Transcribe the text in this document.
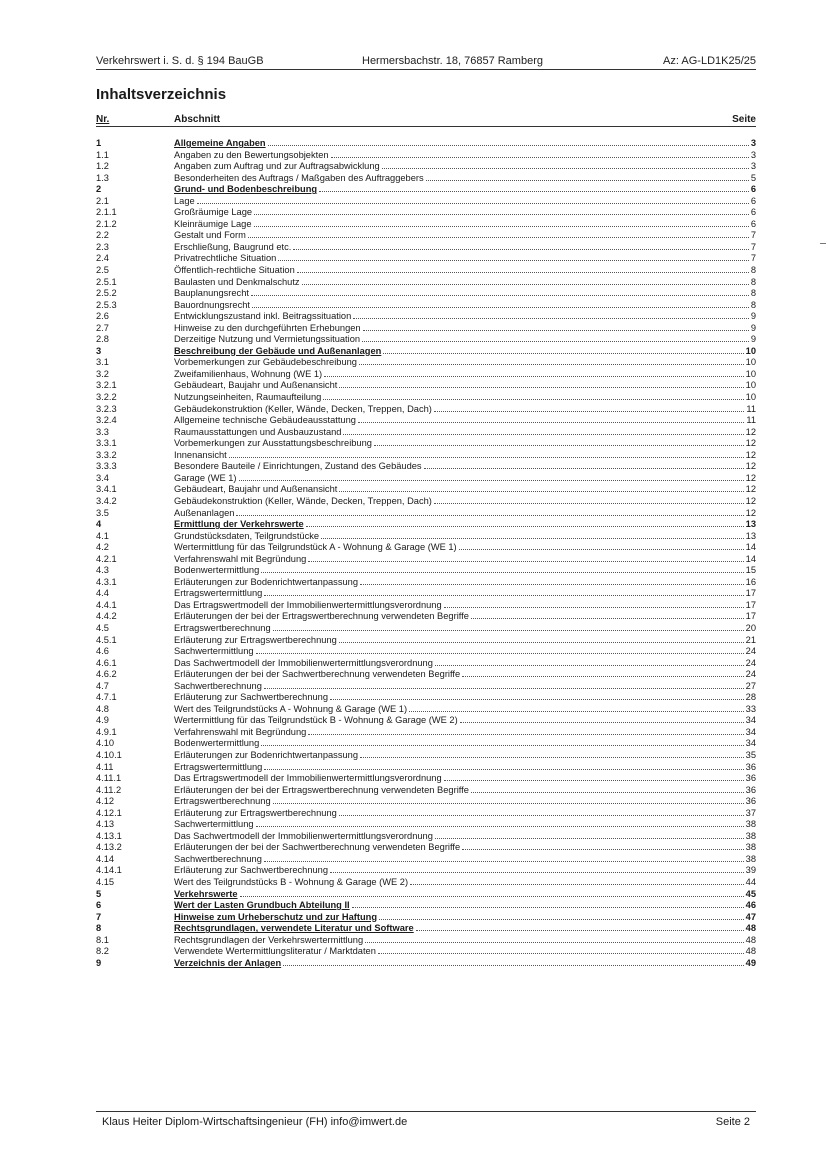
Verkehrswert i. S. d. § 194 BauGB	Hermersbachstr. 18, 76857 Ramberg	Az: AG-LD1K25/25
Inhaltsverzeichnis
Nr.	Abschnitt	Seite
1	Allgemeine Angaben	3
1.1	Angaben zu den Bewertungsobjekten	3
1.2	Angaben zum Auftrag und zur Auftragsabwicklung	3
1.3	Besonderheiten des Auftrags / Maßgaben des Auftraggebers	5
2	Grund- und Bodenbeschreibung	6
2.1	Lage	6
2.1.1	Großräumige Lage	6
2.1.2	Kleinräumige Lage	6
2.2	Gestalt und Form	7
2.3	Erschließung, Baugrund etc.	7
2.4	Privatrechtliche Situation	7
2.5	Öffentlich-rechtliche Situation	8
2.5.1	Baulasten und Denkmalschutz	8
2.5.2	Bauplanungsrecht	8
2.5.3	Bauordnungsrecht	8
2.6	Entwicklungszustand inkl. Beitragssituation	9
2.7	Hinweise zu den durchgeführten Erhebungen	9
2.8	Derzeitige Nutzung und Vermietungssituation	9
3	Beschreibung der Gebäude und Außenanlagen	10
3.1	Vorbemerkungen zur Gebäudebeschreibung	10
3.2	Zweifamilienhaus, Wohnung (WE 1)	10
3.2.1	Gebäudeart, Baujahr und Außenansicht	10
3.2.2	Nutzungseinheiten, Raumaufteilung	10
3.2.3	Gebäudekonstruktion (Keller, Wände, Decken, Treppen, Dach)	11
3.2.4	Allgemeine technische Gebäudeausstattung	11
3.3	Raumausstattungen und Ausbauzustand	12
3.3.1	Vorbemerkungen zur Ausstattungsbeschreibung	12
3.3.2	Innenansicht	12
3.3.3	Besondere Bauteile / Einrichtungen, Zustand des Gebäudes	12
3.4	Garage (WE 1)	12
3.4.1	Gebäudeart, Baujahr und Außenansicht	12
3.4.2	Gebäudekonstruktion (Keller, Wände, Decken, Treppen, Dach)	12
3.5	Außenanlagen	12
4	Ermittlung der Verkehrswerte	13
4.1	Grundstücksdaten, Teilgrundstücke	13
4.2	Wertermittlung für das Teilgrundstück A - Wohnung & Garage (WE 1)	14
4.2.1	Verfahrenswahl mit Begründung	14
4.3	Bodenwertermittlung	15
4.3.1	Erläuterungen zur Bodenrichtwertanpassung	16
4.4	Ertragswertermittlung	17
4.4.1	Das Ertragswertmodell der Immobilienwertermittlungsverordnung	17
4.4.2	Erläuterungen der bei der Ertragswertberechnung verwendeten Begriffe	17
4.5	Ertragswertberechnung	20
4.5.1	Erläuterung zur Ertragswertberechnung	21
4.6	Sachwertermittlung	24
4.6.1	Das Sachwertmodell der Immobilienwertermittlungsverordnung	24
4.6.2	Erläuterungen der bei der Sachwertberechnung verwendeten Begriffe	24
4.7	Sachwertberechnung	27
4.7.1	Erläuterung zur Sachwertberechnung	28
4.8	Wert des Teilgrundstücks A - Wohnung & Garage (WE 1)	33
4.9	Wertermittlung für das Teilgrundstück B - Wohnung & Garage (WE 2)	34
4.9.1	Verfahrenswahl mit Begründung	34
4.10	Bodenwertermittlung	34
4.10.1	Erläuterungen zur Bodenrichtwertanpassung	35
4.11	Ertragswertermittlung	36
4.11.1	Das Ertragswertmodell der Immobilienwertermittlungsverordnung	36
4.11.2	Erläuterungen der bei der Ertragswertberechnung verwendeten Begriffe	36
4.12	Ertragswertberechnung	36
4.12.1	Erläuterung zur Ertragswertberechnung	37
4.13	Sachwertermittlung	38
4.13.1	Das Sachwertmodell der Immobilienwertermittlungsverordnung	38
4.13.2	Erläuterungen der bei der Sachwertberechnung verwendeten Begriffe	38
4.14	Sachwertberechnung	38
4.14.1	Erläuterung zur Sachwertberechnung	39
4.15	Wert des Teilgrundstücks B - Wohnung & Garage (WE 2)	44
5	Verkehrswerte	45
6	Wert der Lasten Grundbuch Abteilung II	46
7	Hinweise zum Urheberschutz und zur Haftung	47
8	Rechtsgrundlagen, verwendete Literatur und Software	48
8.1	Rechtsgrundlagen der Verkehrswertermittlung	48
8.2	Verwendete Wertermittlungsliteratur / Marktdaten	48
9	Verzeichnis der Anlagen	49
Klaus Heiter Diplom-Wirtschaftsingenieur (FH) info@imwert.de	Seite 2
